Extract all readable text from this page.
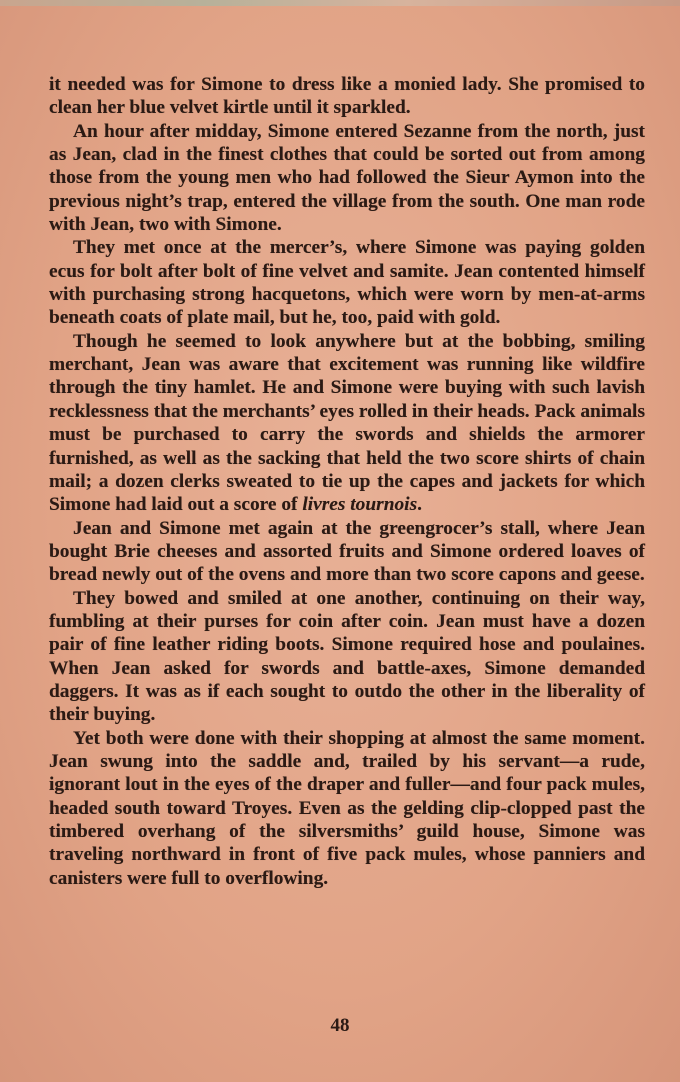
it needed was for Simone to dress like a monied lady. She promised to clean her blue velvet kirtle until it sparkled.

An hour after midday, Simone entered Sezanne from the north, just as Jean, clad in the finest clothes that could be sorted out from among those from the young men who had followed the Sieur Aymon into the previous night’s trap, entered the village from the south. One man rode with Jean, two with Simone.

They met once at the mercer’s, where Simone was paying golden ecus for bolt after bolt of fine velvet and samite. Jean contented himself with purchasing strong hacquetons, which were worn by men-at-arms beneath coats of plate mail, but he, too, paid with gold.

Though he seemed to look anywhere but at the bobbing, smiling merchant, Jean was aware that excitement was running like wildfire through the tiny hamlet. He and Simone were buying with such lavish recklessness that the merchants’ eyes rolled in their heads. Pack animals must be purchased to carry the swords and shields the armorer furnished, as well as the sacking that held the two score shirts of chain mail; a dozen clerks sweated to tie up the capes and jackets for which Simone had laid out a score of livres tournois.

Jean and Simone met again at the greengrocer’s stall, where Jean bought Brie cheeses and assorted fruits and Simone ordered loaves of bread newly out of the ovens and more than two score capons and geese.

They bowed and smiled at one another, continuing on their way, fumbling at their purses for coin after coin. Jean must have a dozen pair of fine leather riding boots. Simone required hose and poulaines. When Jean asked for swords and battle-axes, Simone demanded daggers. It was as if each sought to outdo the other in the liberality of their buying.

Yet both were done with their shopping at almost the same moment. Jean swung into the saddle and, trailed by his servant—a rude, ignorant lout in the eyes of the draper and fuller—and four pack mules, headed south toward Troyes. Even as the gelding clip-clopped past the timbered overhang of the silversmiths’ guild house, Simone was traveling northward in front of five pack mules, whose panniers and canisters were full to overflowing.

48
